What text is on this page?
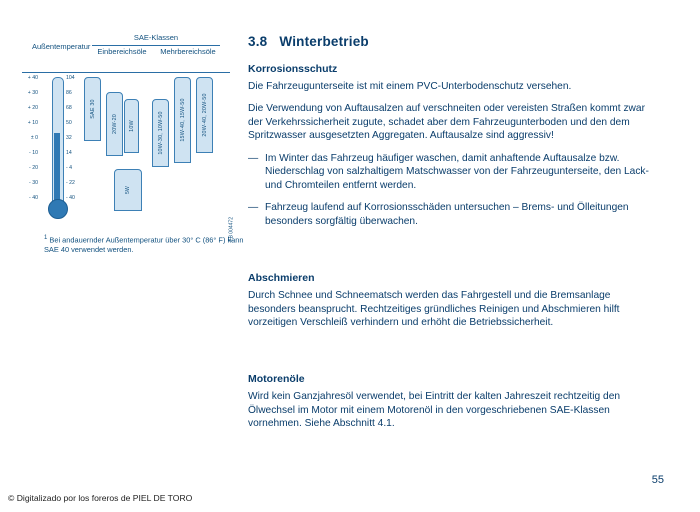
Außentemperatur
SAE-Klassen
Einbereichsöle	Mehrbereichsöle
+ 40
+ 30
+ 20
+ 10
± 0
- 10
- 20
- 30
- 40
104
86
68
50
32
14
- 4
- 22
- 40
SAE 30
20W-20 10W
5W
10W-30, 10W-50	15W-40, 15W-50	20W-40, 20W-50
FB 004472
$^1$ Bei andauernder Außentemperatur über 30° C (86° F) kann SAE 40 verwendet werden.
3.8 Winterbetrieb
Korrosionsschutz

Die Fahrzeugunterseite ist mit einem PVC-Unterbodenschutz versehen.

Die Verwendung von Auftausalzen auf verschneiten oder vereisten Straßen kommt zwar der Verkehrssicherheit zugute, schadet aber dem Fahrzeugunterboden und den dem Spritzwasser ausgesetzten Aggregaten. Auftausalze sind aggressiv!

— Im Winter das Fahrzeug häufiger waschen, damit anhaftende Auftausalze bzw. Niederschlag von salzhaltigem Matschwasser von der Fahrzeugunterseite, den Lack- und Chromteilen entfernt werden.
— Fahrzeug laufend auf Korrosionsschäden untersuchen – Brems- und Ölleitungen besonders sorgfältig überwachen.
Abschmieren

Durch Schnee und Schneematsch werden das Fahrgestell und die Bremsanlage besonders beansprucht. Rechtzeitiges gründliches Reinigen und Abschmieren hilft vorzeitigen Verschleiß verhindern und erhöht die Betriebssicherheit.

Motorenöle

Wird kein Ganzjahresöl verwendet, bei Eintritt der kalten Jahreszeit rechtzeitig den Ölwechsel im Motor mit einem Motorenöl in den vorgeschriebenen SAE-Klassen vornehmen. Siehe Abschnitt 4.1.

55
© Digitalizado por los foreros de PIEL DE TORO
